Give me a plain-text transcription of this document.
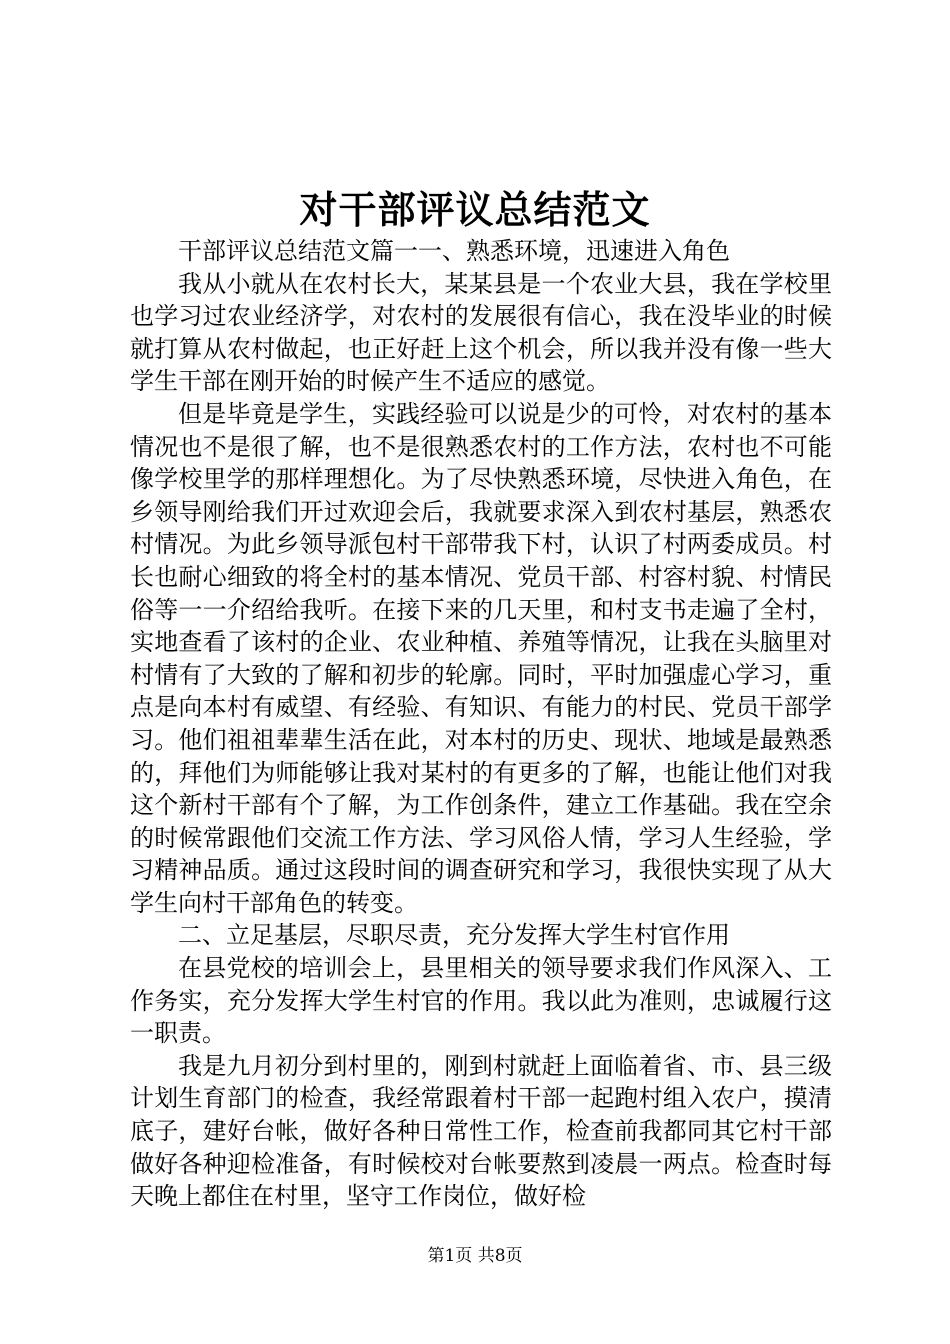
对干部评议总结范文

干部评议总结范文篇一一、熟悉环境，迅速进入角色

我从小就从在农村长大，某某县是一个农业大县，我在学校里也学习过农业经济学，对农村的发展很有信心，我在没毕业的时候就打算从农村做起，也正好赶上这个机会，所以我并没有像一些大学生干部在刚开始的时候产生不适应的感觉。

但是毕竟是学生，实践经验可以说是少的可怜，对农村的基本情况也不是很了解，也不是很熟悉农村的工作方法，农村也不可能像学校里学的那样理想化。为了尽快熟悉环境，尽快进入角色，在乡领导刚给我们开过欢迎会后，我就要求深入到农村基层，熟悉农村情况。为此乡领导派包村干部带我下村，认识了村两委成员。村长也耐心细致的将全村的基本情况、党员干部、村容村貌、村情民俗等一一介绍给我听。在接下来的几天里，和村支书走遍了全村，实地查看了该村的企业、农业种植、养殖等情况，让我在头脑里对村情有了大致的了解和初步的轮廓。同时，平时加强虚心学习，重点是向本村有威望、有经验、有知识、有能力的村民、党员干部学习。他们祖祖辈辈生活在此，对本村的历史、现状、地域是最熟悉的，拜他们为师能够让我对某村的有更多的了解，也能让他们对我这个新村干部有个了解，为工作创条件，建立工作基础。我在空余的时候常跟他们交流工作方法、学习风俗人情，学习人生经验，学习精神品质。通过这段时间的调查研究和学习，我很快实现了从大学生向村干部角色的转变。

二、立足基层，尽职尽责，充分发挥大学生村官作用

在县党校的培训会上，县里相关的领导要求我们作风深入、工作务实，充分发挥大学生村官的作用。我以此为准则，忠诚履行这一职责。

我是九月初分到村里的，刚到村就赶上面临着省、市、县三级计划生育部门的检查，我经常跟着村干部一起跑村组入农户，摸清底子，建好台帐，做好各种日常性工作，检查前我都同其它村干部做好各种迎检准备，有时候校对台帐要熬到凌晨一两点。检查时每天晚上都住在村里，坚守工作岗位，做好检

第1页 共8页
